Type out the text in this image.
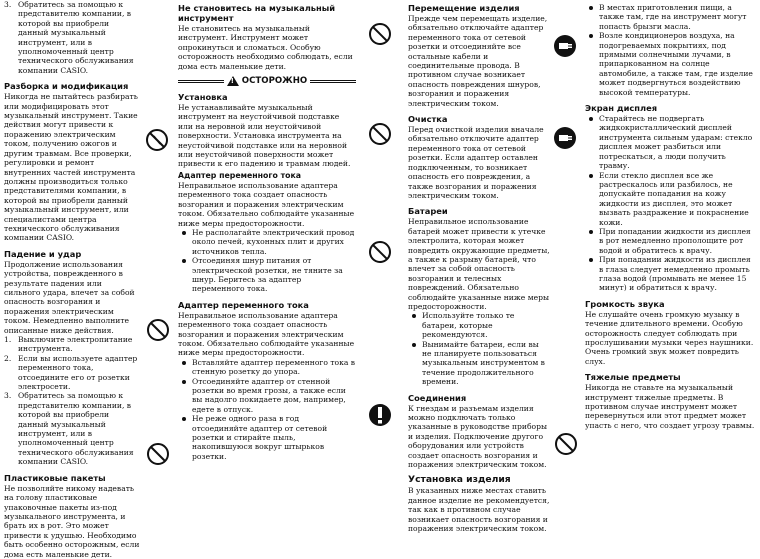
3. Обратитесь за помощью к представителю компании, в которой вы приобрели данный музыкальный инструмент, или в уполномоченный центр технического обслуживания компании CASIO.
Разборка и модификация

Никогда не пытайтесь разбирать или модифицировать этот музыкальный инструмент. Такие действия могут привести к поражению электрическим током, получению ожогов и другим травмам. Все проверки, регулировки и ремонт внутренних частей инструмента должны производиться только представителями компании, в которой вы приобрели данный музыкальный инструмент, или специалистами центра технического обслуживания компании CASIO.

Падение и удар

Продолжение использования устройства, поврежденного в результате падения или сильного удара, влечет за собой опасность возгорания и поражения электрическим током. Немедленно выполните описанные ниже действия.

1. Выключите электропитание инструмента.
2. Если вы используете адаптер переменного тока, отсоедините его от розетки электросети.
3. Обратитесь за помощью к представителю компании, в которой вы приобрели данный музыкальный инструмент, или в уполномоченный центр технического обслуживания компании CASIO.
Пластиковые пакеты

Не позволяйте никому надевать на голову пластиковые упаковочные пакеты из-под музыкального инструмента, и брать их в рот. Это может привести к удушью. Необходимо быть особенно осторожным, если дома есть маленькие дети.

Не становитесь на музыкальный инструмент

Не становитесь на музыкальный инструмент. Инструмент может опрокинуться и сломаться. Особую осторожность необходимо соблюдать, если дома есть маленькие дети.

! ОСТОРОЖНО
Установка

Не устанавливайте музыкальный инструмент на неустойчивой подставке или на неровной или неустойчивой поверхности. Установка инструмента на неустойчивой подставке или на неровной или неустойчивой поверхности может привести к его падению и травмам людей.

Адаптер переменного тока

Неправильное использование адаптера переменного тока создает опасность возгорания и поражения электрическим током. Обязательно соблюдайте указанные ниже меры предосторожности.

Не располагайте электрический провод около печей, кухонных плит и других источников тепла.
Отсоединяя шнур питания от электрической розетки, не тяните за шнур. Беритесь за адаптер переменного тока.
Адаптер переменного тока

Неправильное использование адаптера переменного тока создает опасность возгорания и поражения электрическим током. Обязательно соблюдайте указанные ниже меры предосторожности.

Вставляйте адаптер переменного тока в стенную розетку до упора.
Отсоединяйте адаптер от стенной розетки во время грозы, а также если вы надолго покидаете дом, например, едете в отпуск.
Не реже одного раза в год отсоединяйте адаптер от сетевой розетки и стирайте пыль, накопившуюся вокруг штырьков розетки.
Перемещение изделия

Прежде чем перемещать изделие, обязательно отключайте адаптер переменного тока от сетевой розетки и отсоединяйте все остальные кабели и соединительные провода. В противном случае возникает опасность повреждения шнуров, возгорания и поражения электрическим током.

Очистка

Перед очисткой изделия вначале обязательно отключите адаптер переменного тока от сетевой розетки. Если адаптер оставлен подключенным, то возникает опасность его повреждения, а также возгорания и поражения электрическим током.

Батареи

Неправильное использование батарей может привести к утечке электролита, которая может повредить окружающие предметы, а также к разрыву батарей, что влечет за собой опасность возгорания и телесных повреждений. Обязательно соблюдайте указанные ниже меры предосторожности.

Используйте только те батареи, которые рекомендуются.
Вынимайте батареи, если вы не планируете пользоваться музыкальным инструментом в течение продолжительного времени.
Соединения

К гнездам и разъемам изделия можно подключать только указанные в руководстве приборы и изделия. Подключение другого оборудования или устройств создает опасность возгорания и поражения электрическим током.

Установка изделия

В указанных ниже местах ставить данное изделие не рекомендуется, так как в противном случае возникает опасность возгорания и поражения электрическим током.

В местах приготовления пищи, а также там, где на инструмент могут попасть брызги масла.
Возле кондиционеров воздуха, на подогреваемых покрытиях, под прямыми солнечными лучами, в припаркованном на солнце автомобиле, а также там, где изделие может подвергнуться воздействию высокой температуры.
Экран дисплея
Старайтесь не подвергать жидкокристаллический дисплей инструмента сильным ударам: стекло дисплея может разбиться или потрескаться, а люди получить травму.
Если стекло дисплея все же растрескалось или разбилось, не допускайте попадания на кожу жидкости из дисплея, это может вызвать раздражение и покраснение кожи.
При попадании жидкости из дисплея в рот немедленно прополощите рот водой и обратитесь к врачу.
При попадании жидкости из дисплея в глаза следует немедленно промыть глаза водой (промывать не менее 15 минут) и обратиться к врачу.
Громкость звука

Не слушайте очень громкую музыку в течение длительного времени. Особую осторожность следует соблюдать при прослушивании музыки через наушники. Очень громкий звук может повредить слух.

Тяжелые предметы

Никогда не ставьте на музыкальный инструмент тяжелые предметы. В противном случае инструмент может перевернуться или этот предмет может упасть с него, что создает угрозу травмы.
